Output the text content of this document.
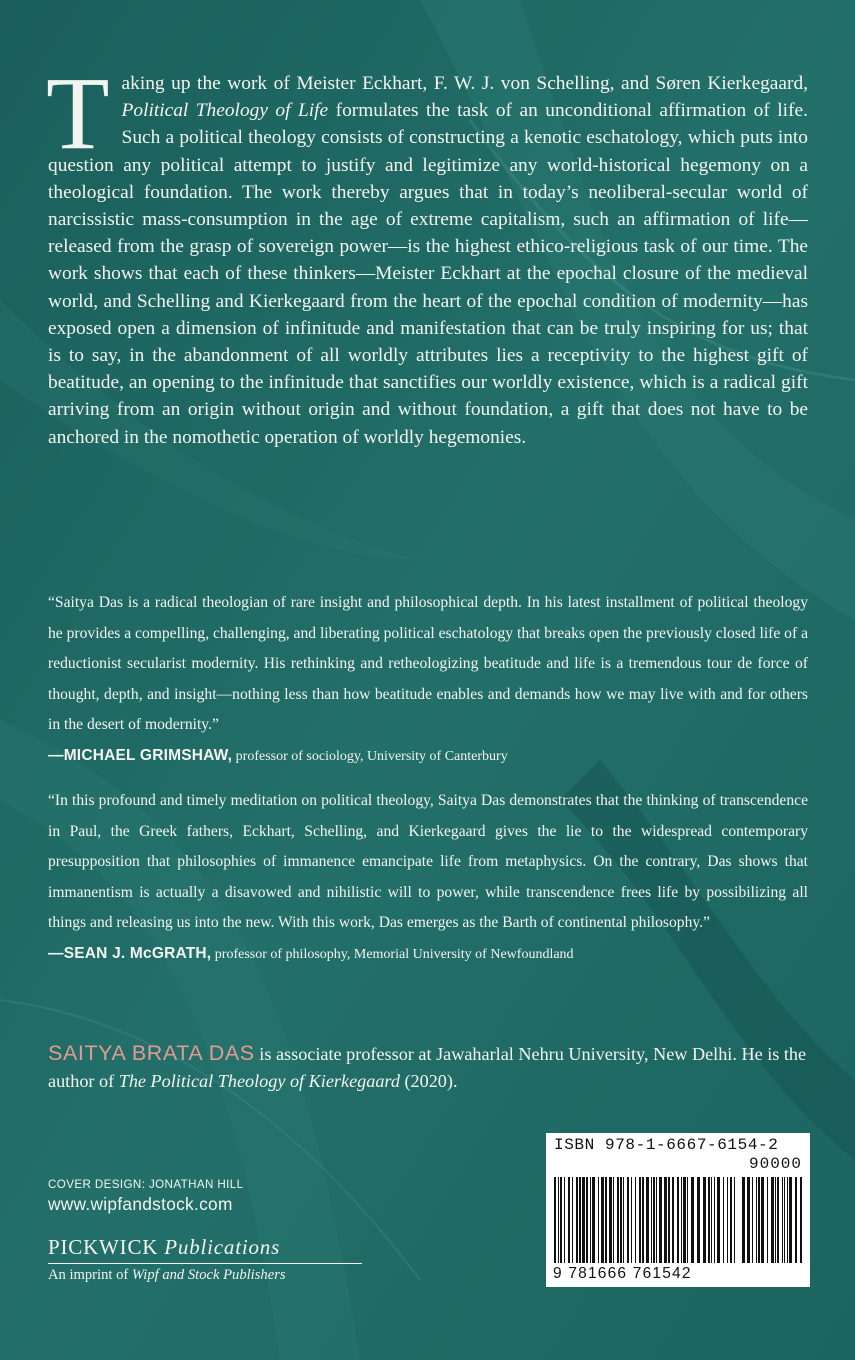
Taking up the work of Meister Eckhart, F. W. J. von Schelling, and Søren Kierkegaard, Political Theology of Life formulates the task of an unconditional affirmation of life. Such a political theology consists of constructing a kenotic eschatology, which puts into question any political attempt to justify and legitimize any world-historical hegemony on a theological foundation. The work thereby argues that in today’s neoliberal-secular world of narcissistic mass-consumption in the age of extreme capitalism, such an affirmation of life—released from the grasp of sovereign power—is the highest ethico-religious task of our time. The work shows that each of these thinkers—Meister Eckhart at the epochal closure of the medieval world, and Schelling and Kierkegaard from the heart of the epochal condition of modernity—has exposed open a dimension of infinitude and manifestation that can be truly inspiring for us; that is to say, in the abandonment of all worldly attributes lies a receptivity to the highest gift of beatitude, an opening to the infinitude that sanctifies our worldly existence, which is a radical gift arriving from an origin without origin and without foundation, a gift that does not have to be anchored in the nomothetic operation of worldly hegemonies.
“Saitya Das is a radical theologian of rare insight and philosophical depth. In his latest installment of political theology he provides a compelling, challenging, and liberating political eschatology that breaks open the previously closed life of a reductionist secularist modernity. His rethinking and retheologizing beatitude and life is a tremendous tour de force of thought, depth, and insight—nothing less than how beatitude enables and demands how we may live with and for others in the desert of modernity.”
—MICHAEL GRIMSHAW, professor of sociology, University of Canterbury
“In this profound and timely meditation on political theology, Saitya Das demonstrates that the thinking of transcendence in Paul, the Greek fathers, Eckhart, Schelling, and Kierkegaard gives the lie to the widespread contemporary presupposition that philosophies of immanence emancipate life from metaphysics. On the contrary, Das shows that immanentism is actually a disavowed and nihilistic will to power, while transcendence frees life by possibilizing all things and releasing us into the new. With this work, Das emerges as the Barth of continental philosophy.”
—SEAN J. McGRATH, professor of philosophy, Memorial University of Newfoundland
SAITYA BRATA DAS is associate professor at Jawaharlal Nehru University, New Delhi. He is the author of The Political Theology of Kierkegaard (2020).
COVER DESIGN: JONATHAN HILL
www.wipfandstock.com
PICKWICK Publications
An imprint of Wipf and Stock Publishers
ISBN 978-1-6667-6154-2
90000
9 781666 761542
